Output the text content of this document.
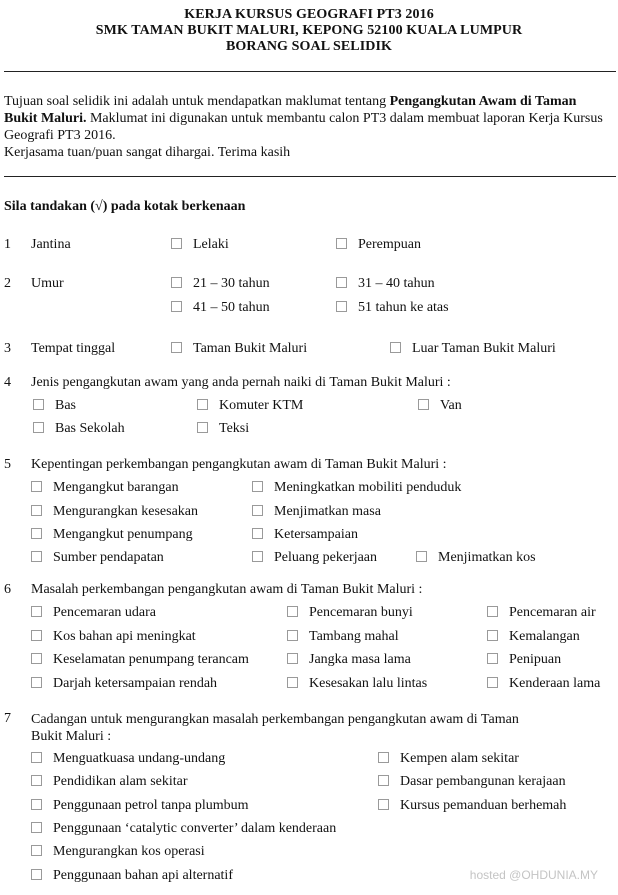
KERJA KURSUS GEOGRAFI PT3 2016
SMK TAMAN BUKIT MALURI, KEPONG 52100 KUALA LUMPUR
BORANG SOAL SELIDIK
Tujuan soal selidik ini adalah untuk mendapatkan maklumat tentang Pengangkutan Awam di Taman Bukit Maluri. Maklumat ini digunakan untuk membantu calon PT3 dalam membuat laporan Kerja Kursus Geografi PT3 2016.
Kerjasama tuan/puan sangat dihargai. Terima kasih
Sila tandakan (√) pada kotak berkenaan
1 Jantina	Lelaki	Perempuan
2 Umur	21 – 30 tahun	31 – 40 tahun
41 – 50 tahun	51 tahun ke atas
3 Tempat tinggal	Taman Bukit Maluri	Luar Taman Bukit Maluri
4 Jenis pengangkutan awam yang anda pernah naiki di Taman Bukit Maluri :
Bas	Komuter KTM	Van
Bas Sekolah	Teksi
5 Kepentingan perkembangan pengangkutan awam di Taman Bukit Maluri :
Mengangkut barangan	Meningkatkan mobiliti penduduk
Mengurangkan kesesakan	Menjimatkan masa
Mengangkut penumpang	Ketersampaian
Sumber pendapatan	Peluang pekerjaan	Menjimatkan kos
6 Masalah perkembangan pengangkutan awam di Taman Bukit Maluri :
Pencemaran udara	Pencemaran bunyi	Pencemaran air
Kos bahan api meningkat	Tambang mahal	Kemalangan
Keselamatan penumpang terancam	Jangka masa lama	Penipuan
Darjah ketersampaian rendah	Kesesakan lalu lintas	Kenderaan lama
7 Cadangan untuk mengurangkan masalah perkembangan pengangkutan awam di Taman Bukit Maluri :
Menguatkuasa undang-undang	Kempen alam sekitar
Pendidikan alam sekitar	Dasar pembangunan kerajaan
Penggunaan petrol tanpa plumbum	Kursus pemanduan berhemah
Penggunaan ‘catalytic converter’ dalam kenderaan
Mengurangkan kos operasi
Penggunaan bahan api alternatif	hosted @OHDUNIA.MY
